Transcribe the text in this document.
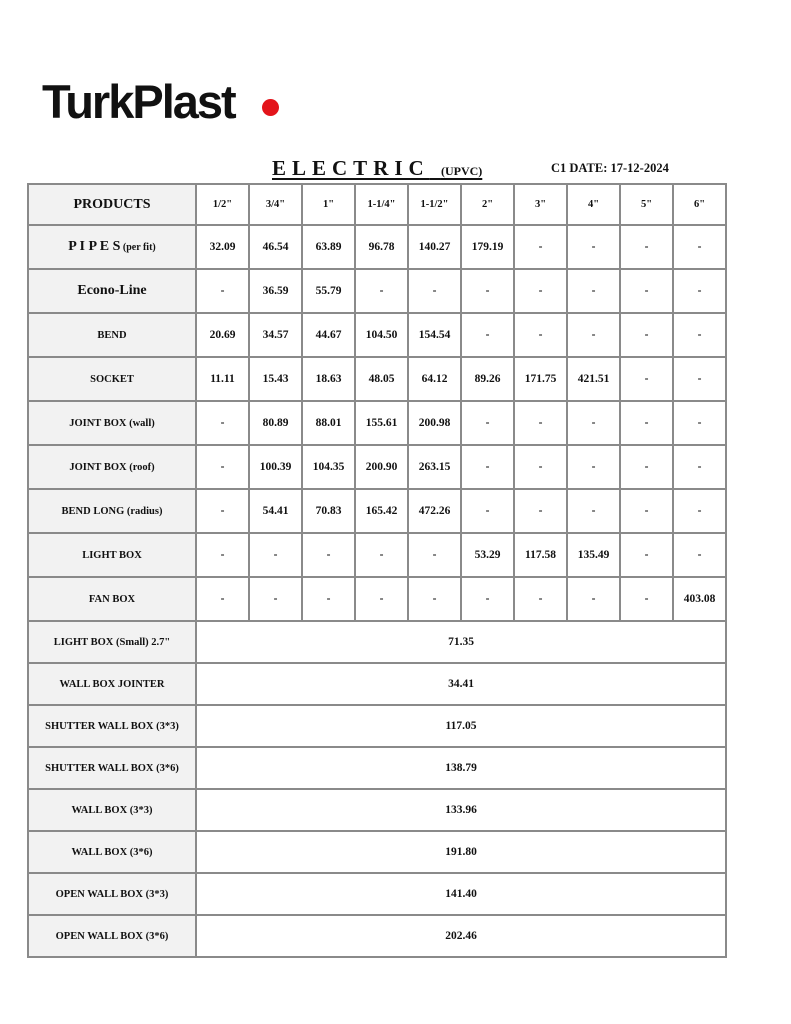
TurkPlast
ELECTRIC (UPVC)	C1 DATE: 17-12-2024
PRODUCTS	1/2"	3/4"	1"	1-1/4"	1-1/2"	2"	3"	4"	5"	6"
P I P E S (per fit)	32.09	46.54	63.89	96.78	140.27	179.19	-	-	-	-
Econo-Line	-	36.59	55.79	-	-	-	-	-	-	-
BEND	20.69	34.57	44.67	104.50	154.54	-	-	-	-	-
SOCKET	11.11	15.43	18.63	48.05	64.12	89.26	171.75	421.51	-	-
JOINT BOX (wall)	-	80.89	88.01	155.61	200.98	-	-	-	-	-
JOINT BOX (roof)	-	100.39	104.35	200.90	263.15	-	-	-	-	-
BEND LONG (radius)	-	54.41	70.83	165.42	472.26	-	-	-	-	-
LIGHT BOX	-	-	-	-	-	53.29	117.58	135.49	-	-
FAN BOX	-	-	-	-	-	-	-	-	-	403.08
LIGHT BOX (Small) 2.7"	71.35									
WALL BOX JOINTER	34.41									
SHUTTER WALL BOX (3*3)	117.05									
SHUTTER WALL BOX (3*6)	138.79									
WALL BOX (3*3)	133.96									
WALL BOX (3*6)	191.80									
OPEN WALL BOX (3*3)	141.40									
OPEN WALL BOX (3*6)	202.46									
